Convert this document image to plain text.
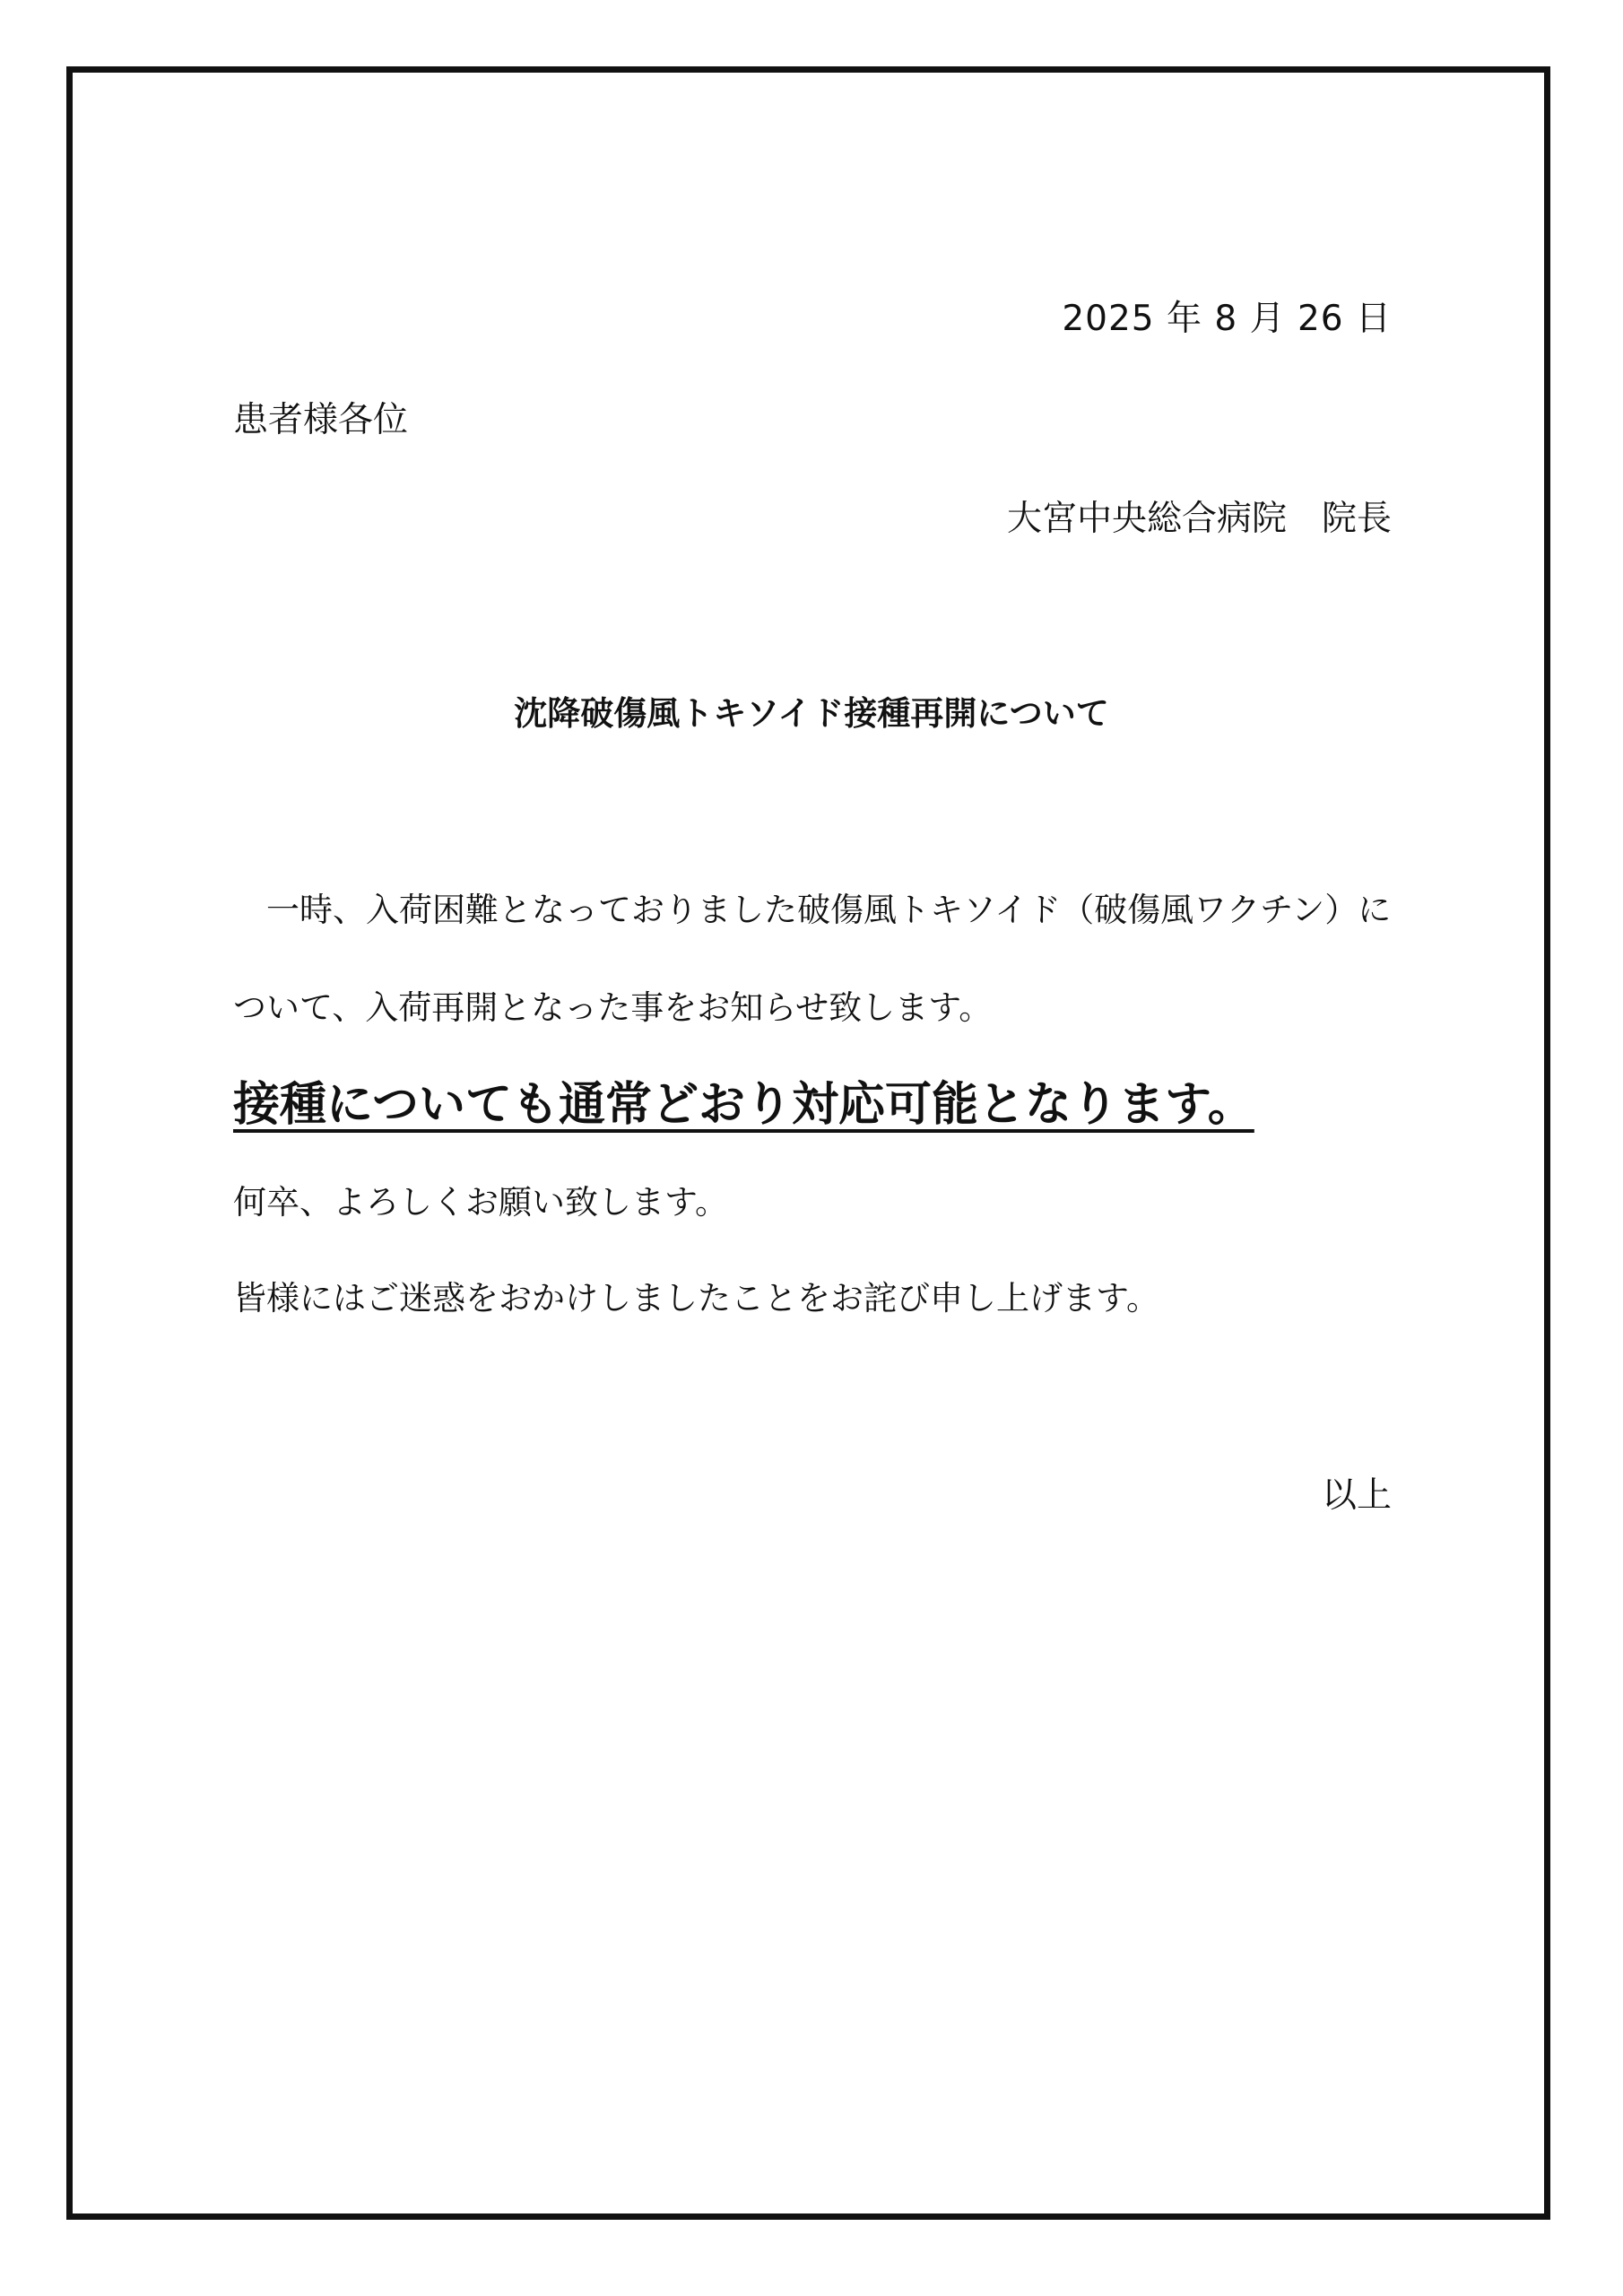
2025 年 8 月 26 日
患者様各位
大宮中央総合病院　院長
沈降破傷風トキソイド接種再開について
　一時、入荷困難となっておりました破傷風トキソイド（破傷風ワクチン）に
ついて、入荷再開となった事をお知らせ致します。
接種についても通常どおり対応可能となります。
何卒、よろしくお願い致します。
皆様にはご迷惑をおかけしましたことをお詫び申し上げます。
以上
